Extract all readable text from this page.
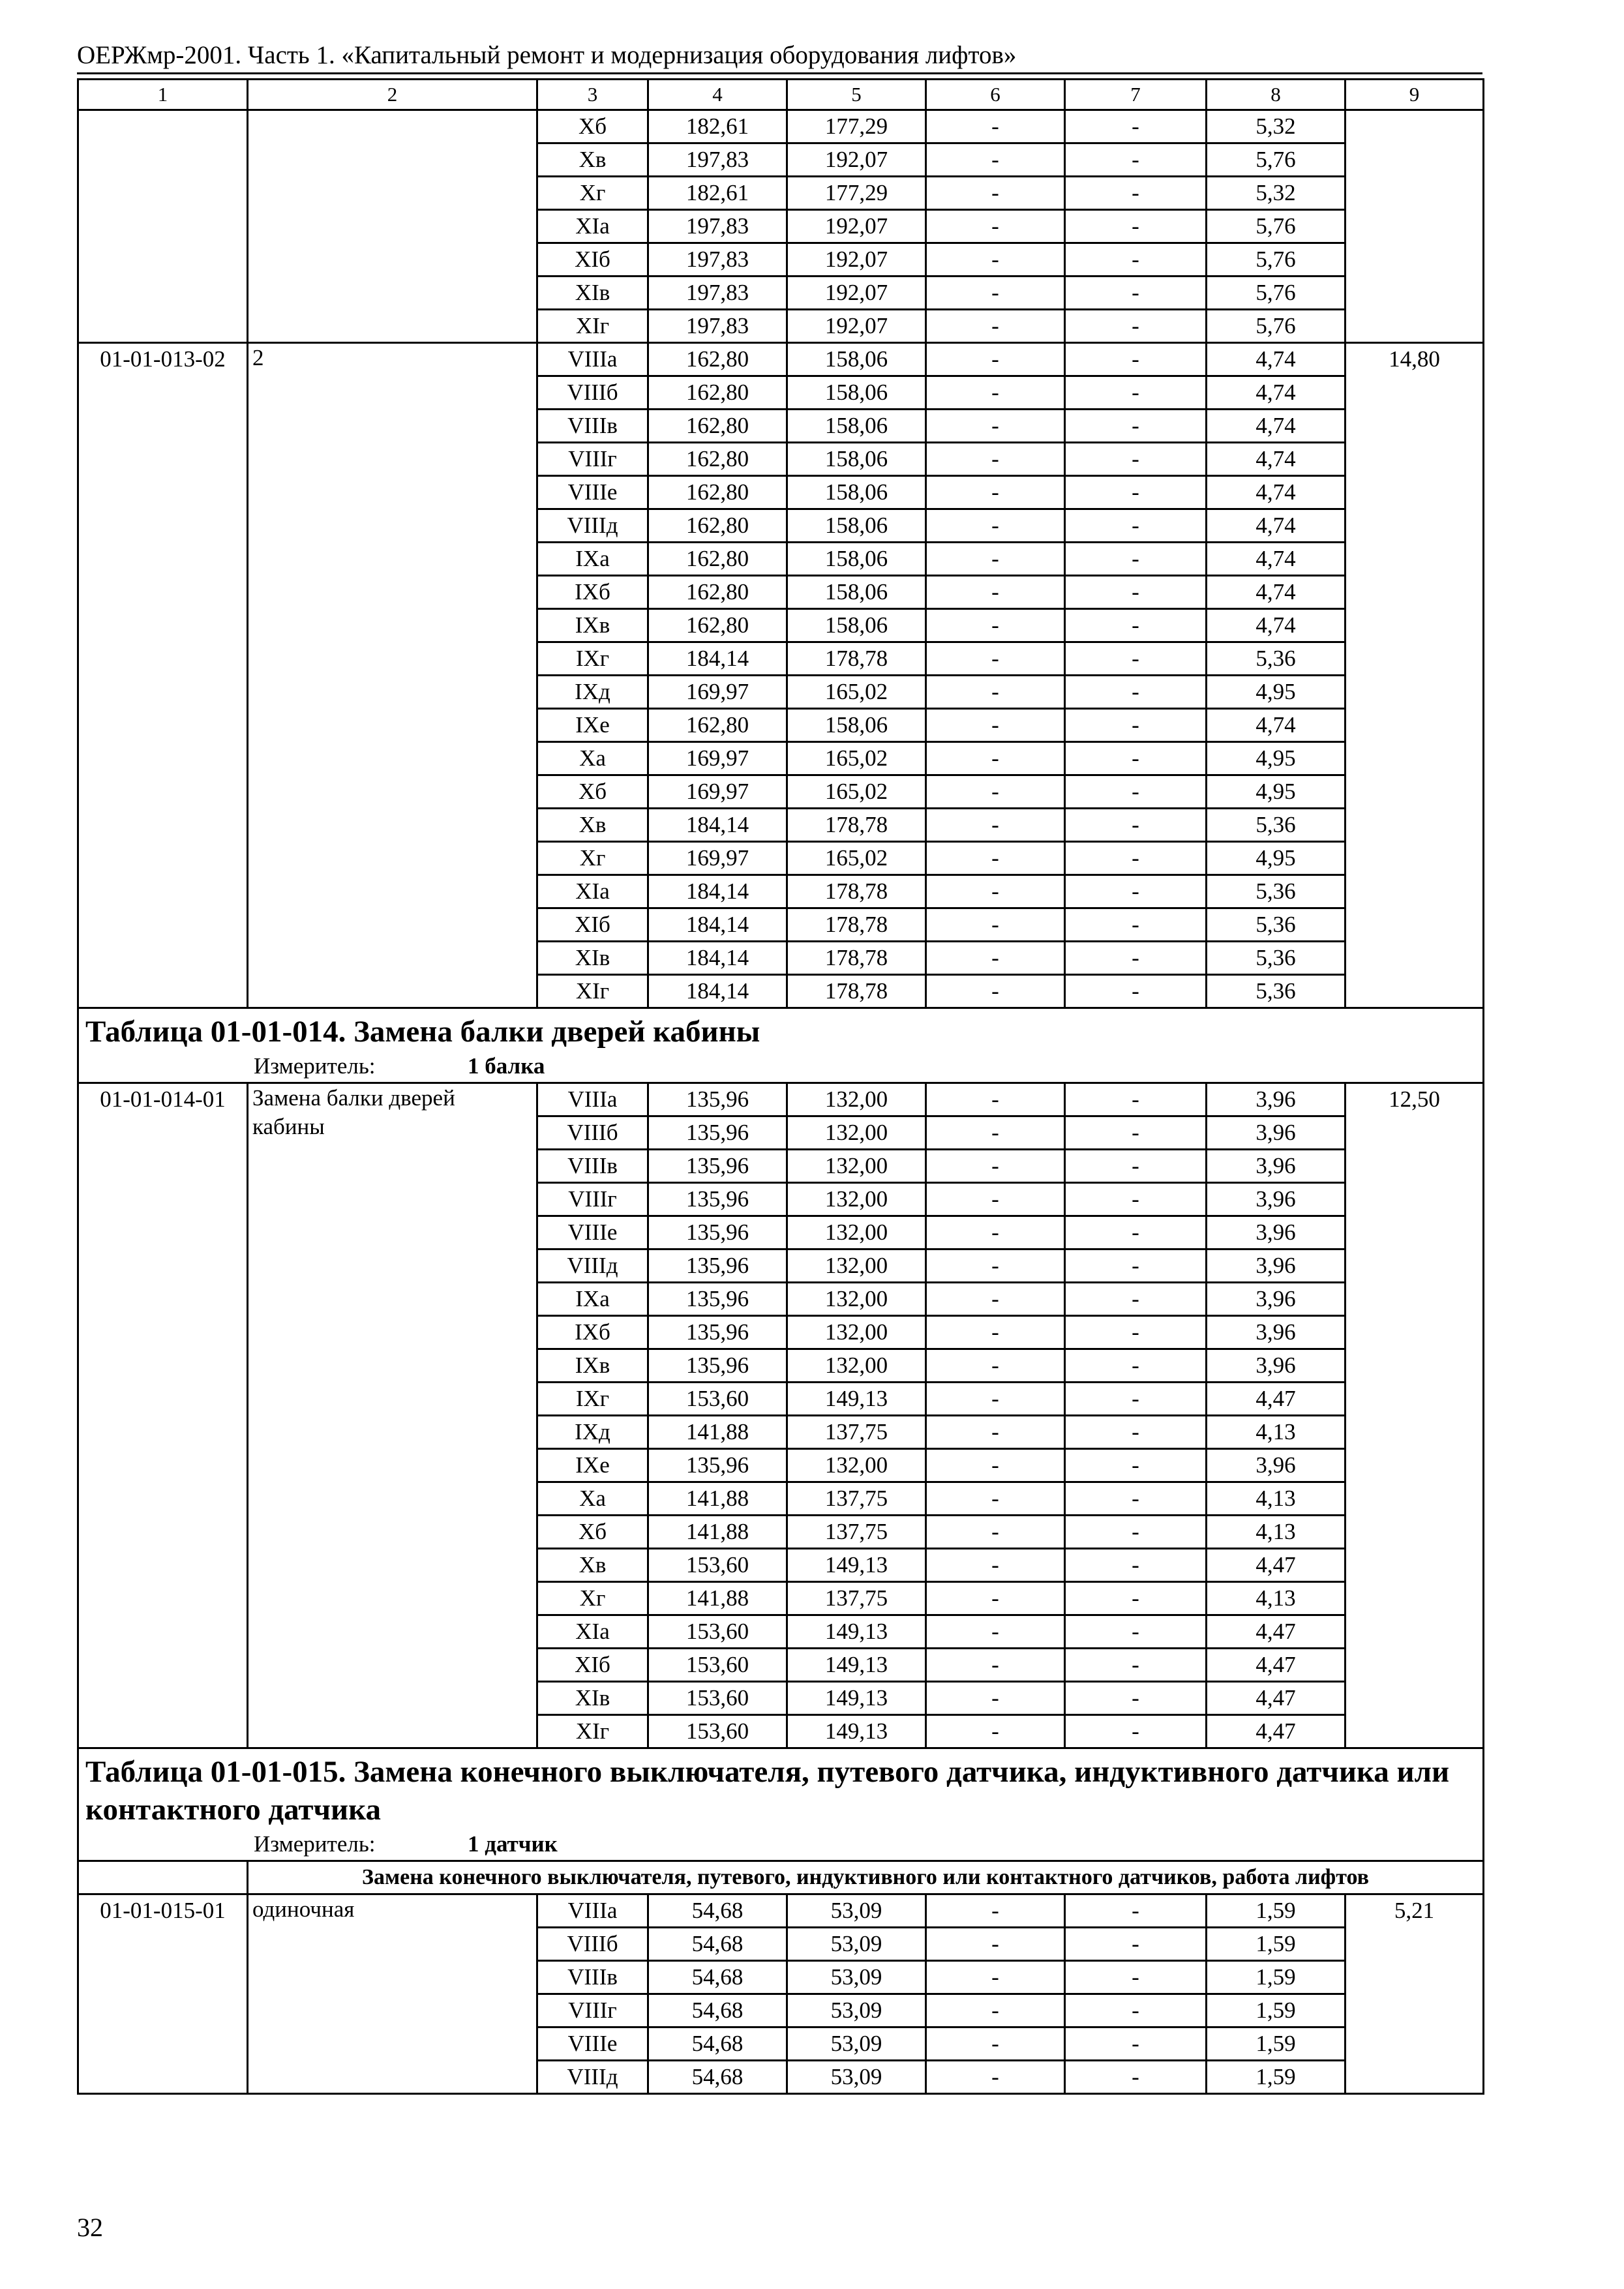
ОЕРЖмр-2001. Часть 1. «Капитальный ремонт и модернизация оборудования лифтов»
1	2	3	4	5	6	7	8	9
		Xб	182,61	177,29	-	-	5,32	
		Xв	197,83	192,07	-	-	5,76	
		Xг	182,61	177,29	-	-	5,32	
		XIа	197,83	192,07	-	-	5,76	
		XIб	197,83	192,07	-	-	5,76	
		XIв	197,83	192,07	-	-	5,76	
		XIг	197,83	192,07	-	-	5,76	
01-01-013-02	2	VIIIа	162,80	158,06	-	-	4,74	14,80
		VIIIб	162,80	158,06	-	-	4,74	
		VIIIв	162,80	158,06	-	-	4,74	
		VIIIг	162,80	158,06	-	-	4,74	
		VIIIе	162,80	158,06	-	-	4,74	
		VIIIд	162,80	158,06	-	-	4,74	
		IXа	162,80	158,06	-	-	4,74	
		IXб	162,80	158,06	-	-	4,74	
		IXв	162,80	158,06	-	-	4,74	
		IXг	184,14	178,78	-	-	5,36	
		IXд	169,97	165,02	-	-	4,95	
		IXе	162,80	158,06	-	-	4,74	
		Xа	169,97	165,02	-	-	4,95	
		Xб	169,97	165,02	-	-	4,95	
		Xв	184,14	178,78	-	-	5,36	
		Xг	169,97	165,02	-	-	4,95	
		XIа	184,14	178,78	-	-	5,36	
		XIб	184,14	178,78	-	-	5,36	
		XIв	184,14	178,78	-	-	5,36	
		XIг	184,14	178,78	-	-	5,36	
Таблица 01-01-014. Замена балки дверей кабины								
Измеритель: 1 балка								
01-01-014-01	Замена балки дверей кабины	VIIIа	135,96	132,00	-	-	3,96	12,50
		VIIIб	135,96	132,00	-	-	3,96	
		VIIIв	135,96	132,00	-	-	3,96	
		VIIIг	135,96	132,00	-	-	3,96	
		VIIIе	135,96	132,00	-	-	3,96	
		VIIIд	135,96	132,00	-	-	3,96	
		IXа	135,96	132,00	-	-	3,96	
		IXб	135,96	132,00	-	-	3,96	
		IXв	135,96	132,00	-	-	3,96	
		IXг	153,60	149,13	-	-	4,47	
		IXд	141,88	137,75	-	-	4,13	
		IXе	135,96	132,00	-	-	3,96	
		Xа	141,88	137,75	-	-	4,13	
		Xб	141,88	137,75	-	-	4,13	
		Xв	153,60	149,13	-	-	4,47	
		Xг	141,88	137,75	-	-	4,13	
		XIа	153,60	149,13	-	-	4,47	
		XIб	153,60	149,13	-	-	4,47	
		XIв	153,60	149,13	-	-	4,47	
		XIг	153,60	149,13	-	-	4,47	
Таблица 01-01-015. Замена конечного выключателя, путевого датчика, индуктивного датчика или контактного датчика								
Измеритель: 1 датчик								
	Замена конечного выключателя, путевого, индуктивного или контактного датчиков, работа лифтов							
01-01-015-01	одиночная	VIIIа	54,68	53,09	-	-	1,59	5,21
		VIIIб	54,68	53,09	-	-	1,59	
		VIIIв	54,68	53,09	-	-	1,59	
		VIIIг	54,68	53,09	-	-	1,59	
		VIIIе	54,68	53,09	-	-	1,59	
		VIIIд	54,68	53,09	-	-	1,59	
32
